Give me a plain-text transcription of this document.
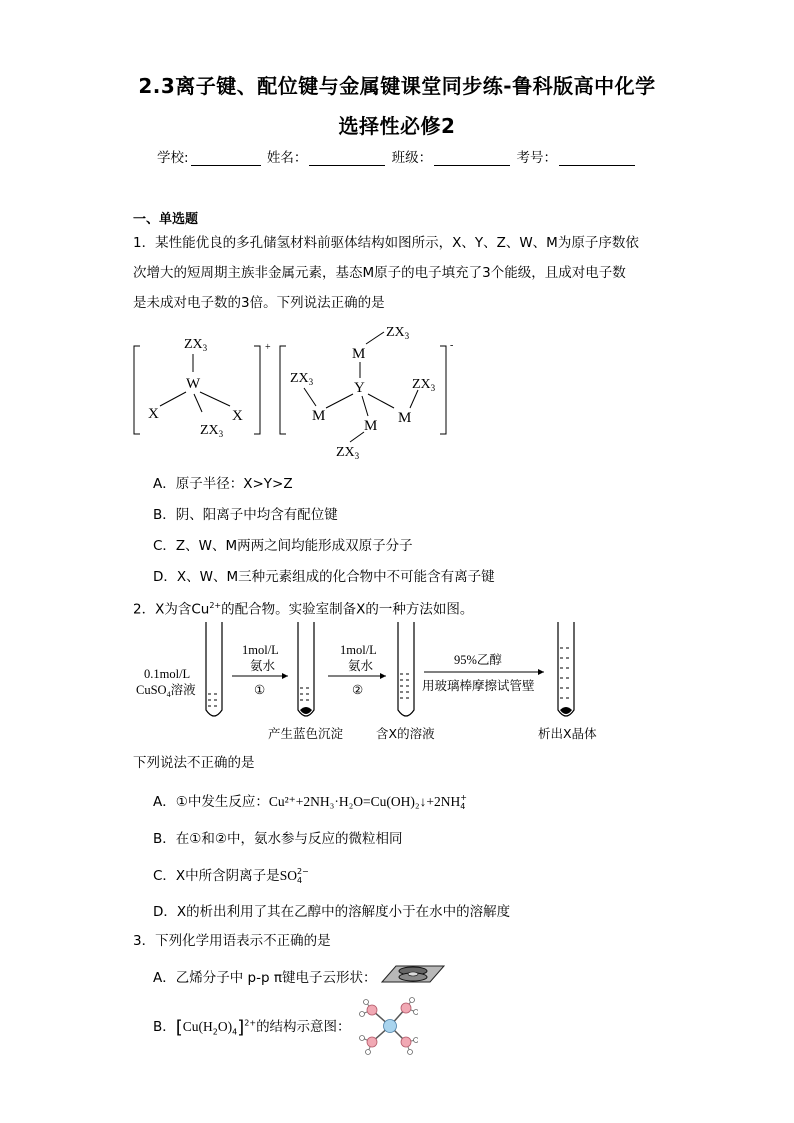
2.3离子键、配位键与金属键课堂同步练-鲁科版高中化学
选择性必修2
学校:	姓名：	班级：	考号：
一、单选题
1．某性能优良的多孔储氢材料前驱体结构如图所示，X、Y、Z、W、M为原子序数依
次增大的短周期主族非金属元素，基态M原子的电子填充了3个能级，且成对电子数
是未成对电子数的3倍。下列说法正确的是
+
$ZX_3$
W
X	X
$ZX_3$
-
$ZX_3$
M
Y
M
$ZX_3$
M
$ZX_3$
M
$ZX_3$
A．原子半径：X>Y>Z
B．阴、阳离子中均含有配位键
C．Z、W、M两两之间均能形成双原子分子
D．X、W、M三种元素组成的化合物中不可能含有离子键
2．X为含$Cu^{2+}$的配合物。实验室制备X的一种方法如图。
0.1mol/L
CuSO$_4$溶液
1mol/L
氨水
①
1mol/L
氨水
②
95%乙醇
用玻璃棒摩擦试管壁
产生蓝色沉淀	含X的溶液	析出X晶体
下列说法不正确的是
A．①中发生反应：Cu²⁺+2NH₃·H₂O=Cu(OH)₂↓+2NH +
4
B．在①和②中，氨水参与反应的微粒相同
C．X中所含阴离子是SO 2−
4
D．X的析出利用了其在乙醇中的溶解度小于在水中的溶解度
3．下列化学用语表示不正确的是
A．乙烯分子中 p-p π键电子云形状：
B．$[Cu(H_2O)_4]^{2+}$的结构示意图：
